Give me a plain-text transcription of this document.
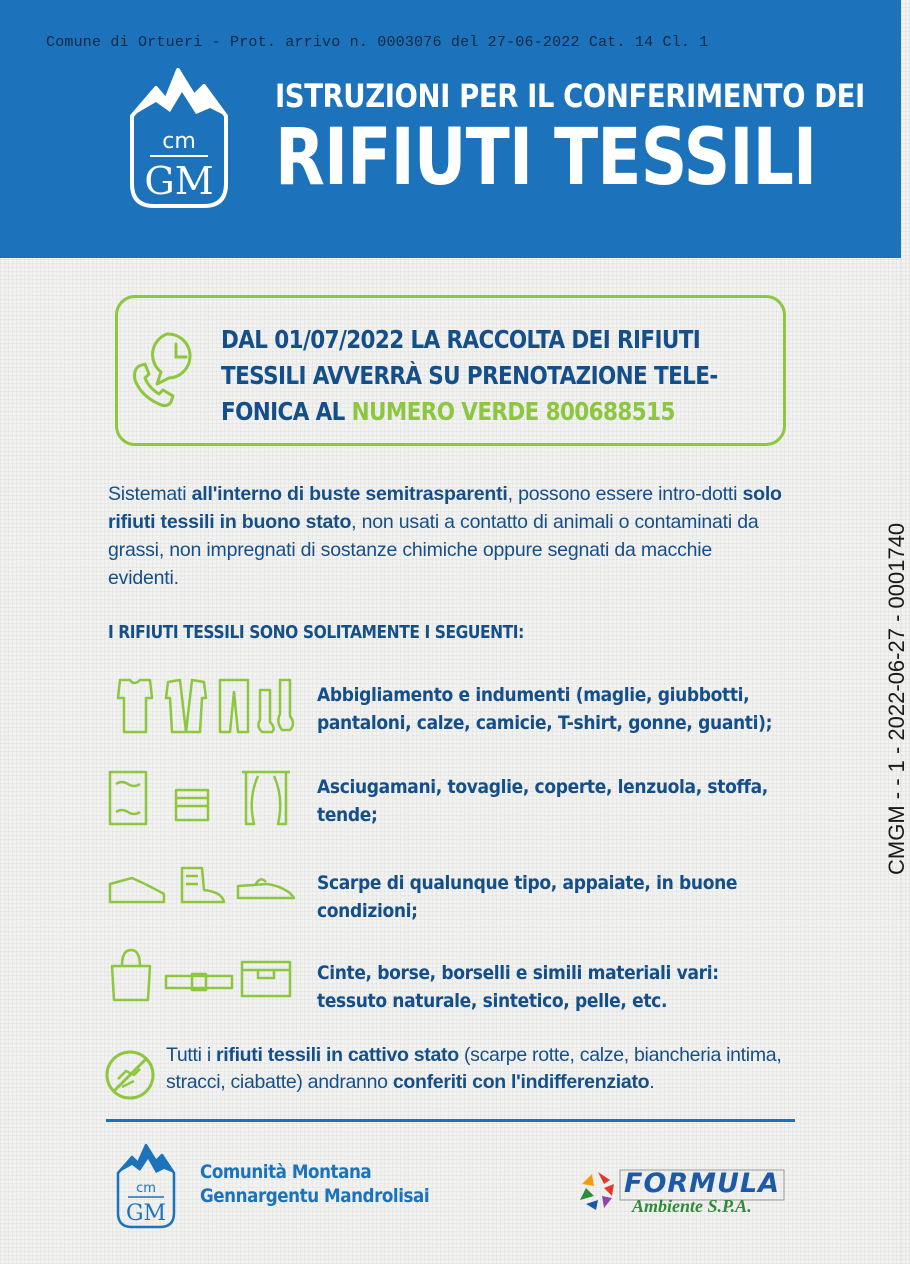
Comune di Ortueri - Prot. arrivo n. 0003076 del 27-06-2022 Cat. 14 Cl. 1
cm
GM
ISTRUZIONI PER IL CONFERIMENTO DEI
RIFIUTI TESSILI
DAL 01/07/2022 LA RACCOLTA DEI RIFIUTI
TESSILI AVVERRÀ SU PRENOTAZIONE TELE-
FONICA AL NUMERO VERDE 800688515
Sistemati all'interno di buste semitrasparenti, possono essere intro-dotti solo rifiuti tessili in buono stato, non usati a contatto di animali o contaminati da grassi, non impregnati di sostanze chimiche oppure segnati da macchie evidenti.
I RIFIUTI TESSILI SONO SOLITAMENTE I SEGUENTI:
Abbigliamento e indumenti (maglie, giubbotti,
pantaloni, calze, camicie, T-shirt, gonne, guanti);
Asciugamani, tovaglie, coperte, lenzuola, stoffa,
tende;
Scarpe di qualunque tipo, appaiate, in buone
condizioni;
Cinte, borse, borselli e simili materiali vari:
tessuto naturale, sintetico, pelle, etc.
Tutti i rifiuti tessili in cattivo stato (scarpe rotte, calze, biancheria intima, stracci, ciabatte) andranno conferiti con l'indifferenziato.
cm
GM
Comunità Montana
Gennargentu Mandrolisai	FORMULA
Ambiente S.P.A.
CMGM - - 1 - 2022-06-27 - 0001740
